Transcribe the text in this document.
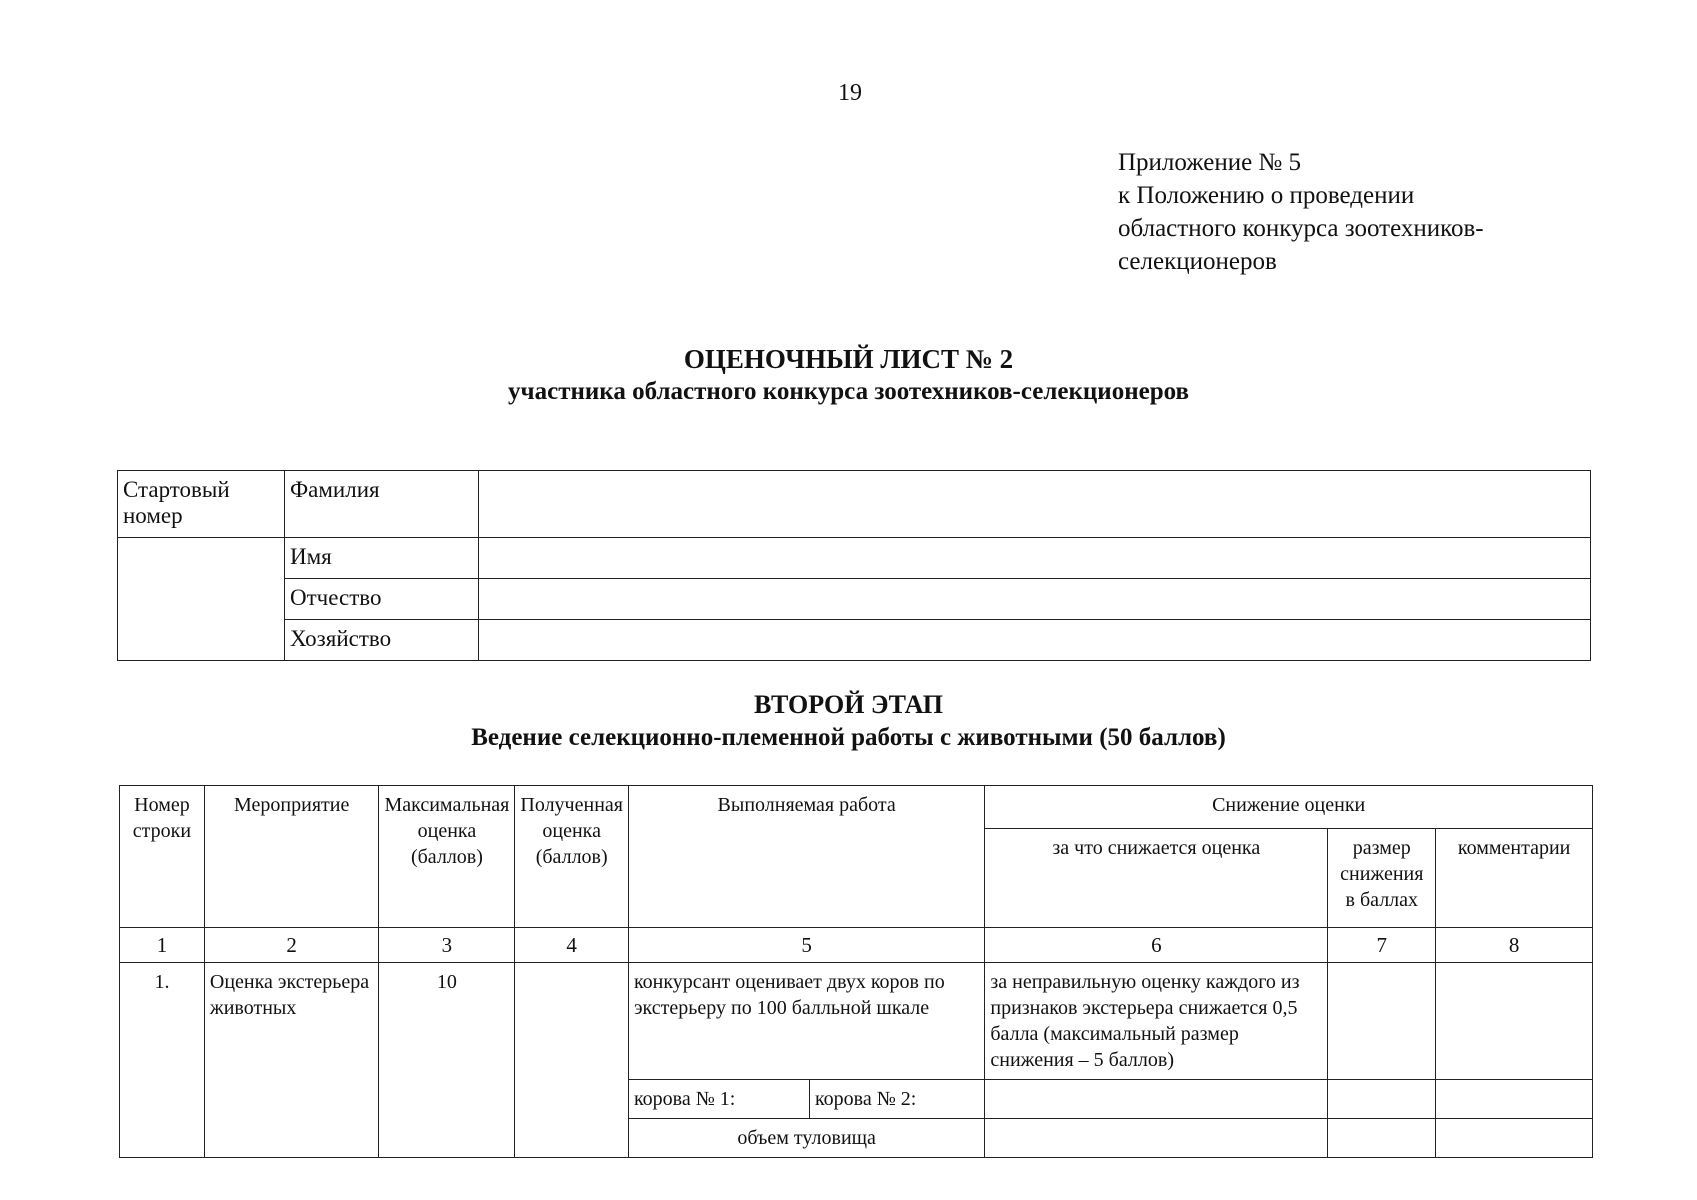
19
Приложение № 5
к Положению о проведении
областного конкурса зоотехников-
селекционеров
ОЦЕНОЧНЫЙ ЛИСТ № 2
участника областного конкурса зоотехников-селекционеров
Стартовый номер	Фамилия	
	Имя	
	Отчество	
	Хозяйство	
ВТОРОЙ ЭТАП
Ведение селекционно-племенной работы с животными (50 баллов)
Номер строки	Мероприятие	Максимальная оценка (баллов)	Полученная оценка (баллов)	Выполняемая работа		Снижение оценки		
						за что снижается оценка	размер снижения в баллах	комментарии
1	2	3	4	5		6	7	8
1.	Оценка экстерьера животных	10		конкурсант оценивает двух коров по экстерьеру по 100 балльной шкале		за неправильную оценку каждого из признаков экстерьера снижается 0,5 балла (максимальный размер снижения – 5 баллов)		
				корова № 1:	корова № 2:			
				объем туловища				
